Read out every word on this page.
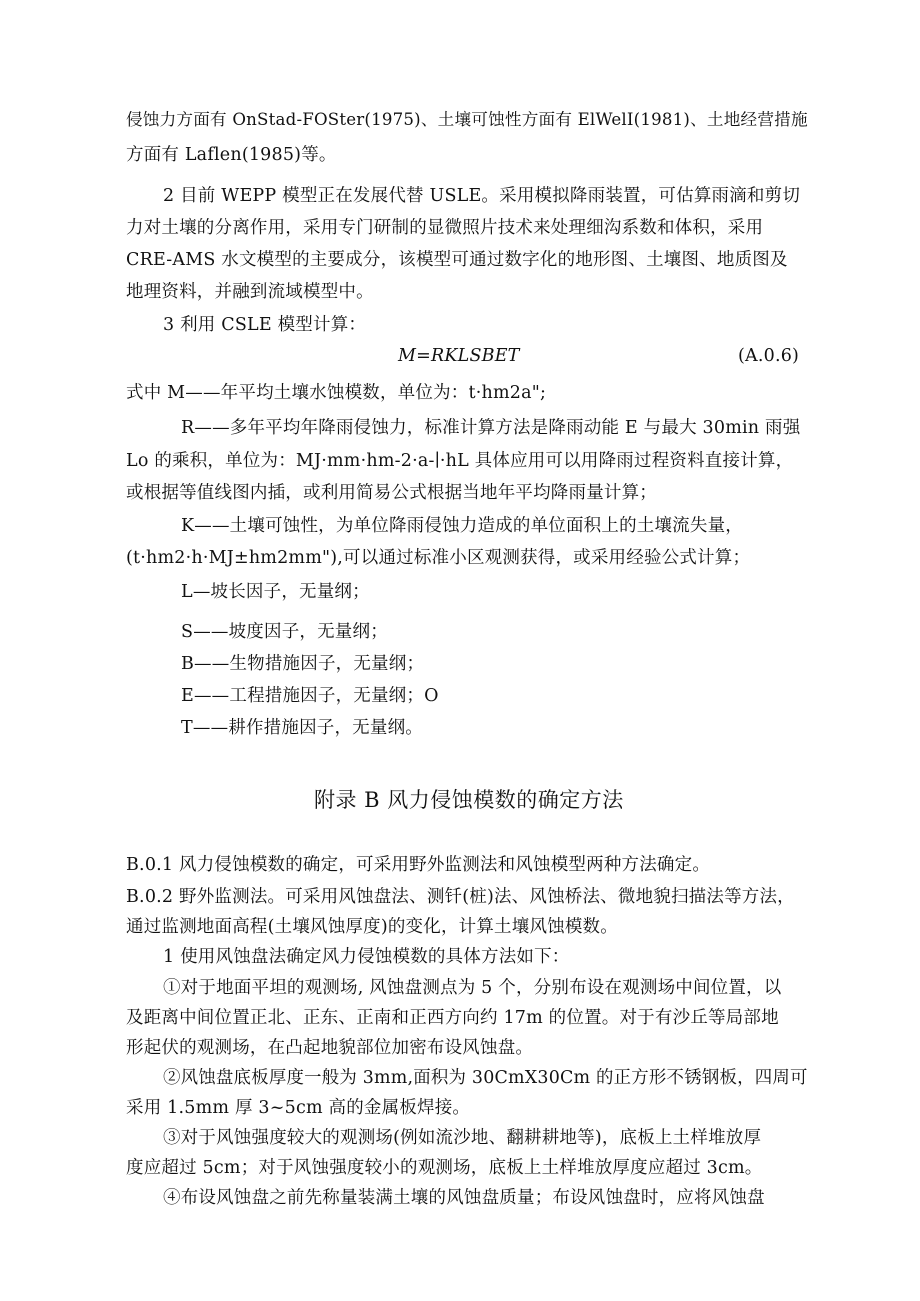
侵蚀力方面有 OnStad-FOSter(1975)、土壤可蚀性方面有 ElWelI(1981)、土地经营措施
方面有 Laflen(1985)等。
2 目前 WEPP 模型正在发展代替 USLE。采用模拟降雨装置，可估算雨滴和剪切
力对土壤的分离作用，采用专门研制的显微照片技术来处理细沟系数和体积，采用
CRE-AMS 水文模型的主要成分，该模型可通过数字化的地形图、土壤图、地质图及
地理资料，并融到流域模型中。
3 利用 CSLE 模型计算：
M=RKLSBET	(A.0.6)
式中 M——年平均土壤水蚀模数，单位为：t·hm2a";
R——多年平均年降雨侵蚀力，标准计算方法是降雨动能 E 与最大 30min 雨强
Lo 的乘积，单位为：MJ·mm·hm-2·a-∣·hL 具体应用可以用降雨过程资料直接计算，
或根据等值线图内插，或利用简易公式根据当地年平均降雨量计算；
K——土壤可蚀性，为单位降雨侵蚀力造成的单位面积上的土壤流失量，
(t·hm2·h·MJ±hm2mm"),可以通过标准小区观测获得，或采用经验公式计算；
L—坡长因子，无量纲；
S——坡度因子，无量纲；
B——生物措施因子，无量纲；
E——工程措施因子，无量纲；O
T——耕作措施因子，无量纲。
附录 B 风力侵蚀模数的确定方法
B.0.1 风力侵蚀模数的确定，可采用野外监测法和风蚀模型两种方法确定。
B.0.2 野外监测法。可采用风蚀盘法、测钎(桩)法、风蚀桥法、微地貌扫描法等方法，
通过监测地面高程(土壤风蚀厚度)的变化，计算土壤风蚀模数。
1 使用风蚀盘法确定风力侵蚀模数的具体方法如下：
①对于地面平坦的观测场, 风蚀盘测点为 5 个，分别布设在观测场中间位置，以
及距离中间位置正北、正东、正南和正西方向约 17m 的位置。对于有沙丘等局部地
形起伏的观测场，在凸起地貌部位加密布设风蚀盘。
②风蚀盘底板厚度一般为 3mm,面积为 30CmX30Cm 的正方形不锈钢板，四周可
采用 1.5mm 厚 3~5cm 高的金属板焊接。
③对于风蚀强度较大的观测场(例如流沙地、翻耕耕地等)，底板上土样堆放厚
度应超过 5cm；对于风蚀强度较小的观测场，底板上土样堆放厚度应超过 3cm。
④布设风蚀盘之前先称量装满土壤的风蚀盘质量；布设风蚀盘时，应将风蚀盘
